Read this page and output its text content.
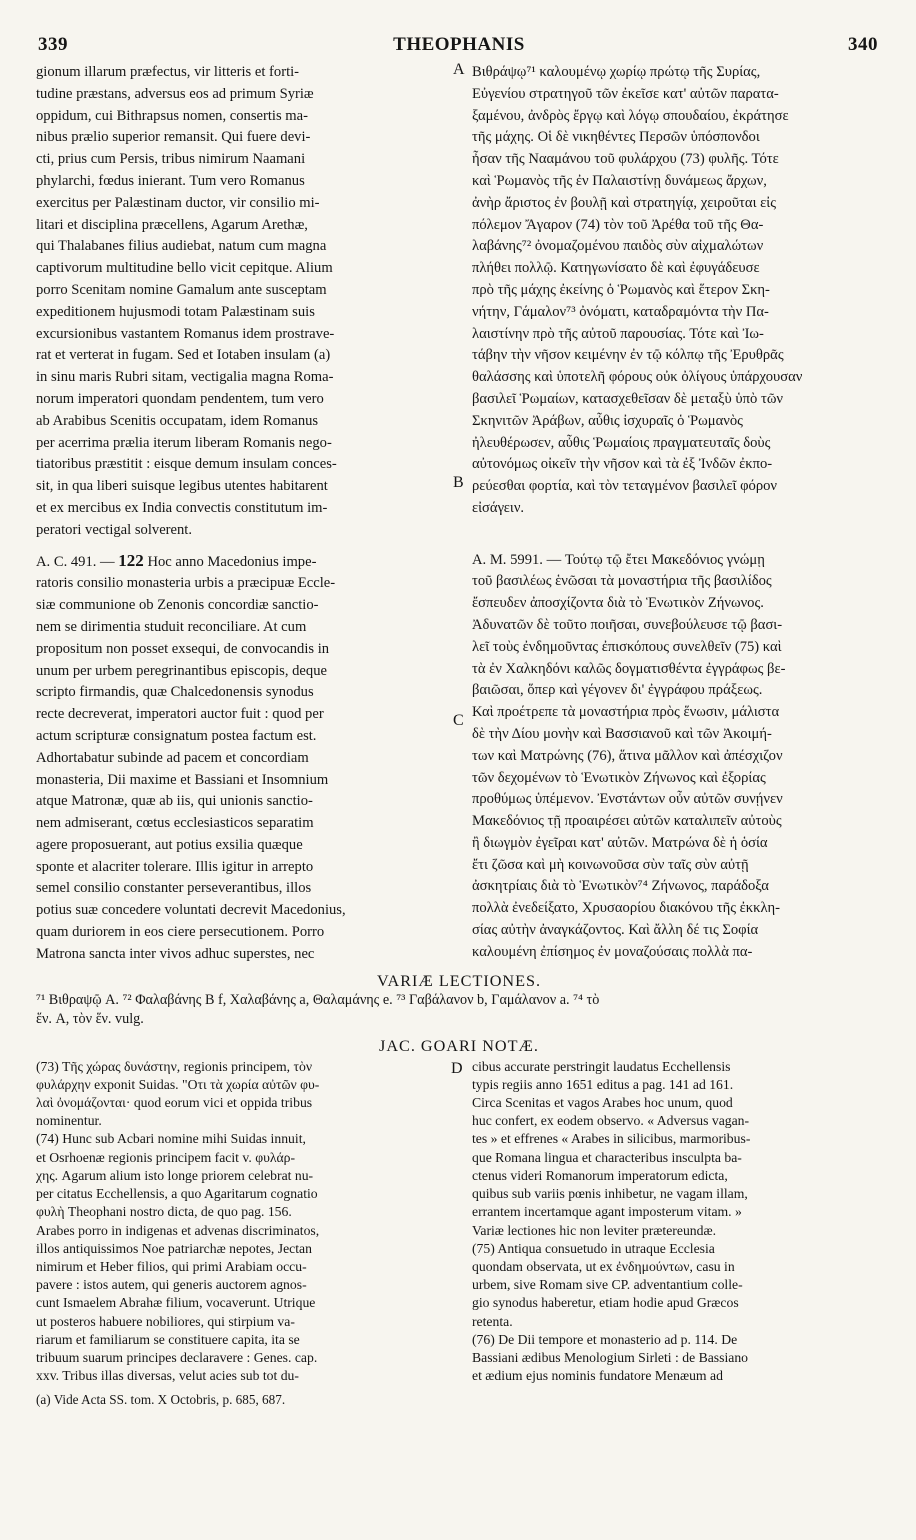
339	THEOPHANIS	340
gionum illarum præfectus, vir litteris et forti-
tudine præstans, adversus eos ad primum Syriæ
oppidum, cui Bithrapsus nomen, consertis ma-
nibus prælio superior remansit. Qui fuere devi-
cti, prius cum Persis, tribus nimirum Naamani
phylarchi, fœdus inierant. Tum vero Romanus
exercitus per Palæstinam ductor, vir consilio mi-
litari et disciplina præcellens, Agarum Arethæ,
qui Thalabanes filius audiebat, natum cum magna
captivorum multitudine bello vicit cepitque. Alium
porro Scenitam nomine Gamalum ante susceptam
expeditionem hujusmodi totam Palæstinam suis
excursionibus vastantem Romanus idem prostrave-
rat et verterat in fugam. Sed et Iotaben insulam (a)
in sinu maris Rubri sitam, vectigalia magna Roma-
norum imperatori quondam pendentem, tum vero
ab Arabibus Scenitis occupatam, idem Romanus
per acerrima prælia iterum liberam Romanis nego-
tiatoribus præstitit : eisque demum insulam conces-
sit, in qua liberi suisque legibus utentes habitarent
et ex mercibus ex India convectis constitutum im-
peratori vectigal solverent.
A
B
Βιθράψῳ⁷¹ καλουμένῳ χωρίῳ πρώτῳ τῆς Συρίας,
Εὐγενίου στρατηγοῦ τῶν ἐκεῖσε κατ' αὐτῶν παρατα-
ξαμένου, ἀνδρὸς ἔργῳ καὶ λόγῳ σπουδαίου, ἐκράτησε
τῆς μάχης. Οἱ δὲ νικηθέντες Περσῶν ὑπόσπονδοι
ἦσαν τῆς Νααμάνου τοῦ φυλάρχου (73) φυλῆς. Τότε
καὶ Ῥωμανὸς τῆς ἐν Παλαιστίνῃ δυνάμεως ἄρχων,
ἀνὴρ ἄριστος ἐν βουλῇ καὶ στρατηγίᾳ, χειροῦται εἰς
πόλεμον Ἄγαρον (74) τὸν τοῦ Ἀρέθα τοῦ τῆς Θα-
λαβάνης⁷² ὀνομαζομένου παιδὸς σὺν αἰχμαλώτων
πλήθει πολλῷ. Κατηγωνίσατο δὲ καὶ ἐφυγάδευσε
πρὸ τῆς μάχης ἐκείνης ὁ Ῥωμανὸς καὶ ἕτερον Σκη-
νήτην, Γάμαλον⁷³ ὀνόματι, καταδραμόντα τὴν Πα-
λαιστίνην πρὸ τῆς αὐτοῦ παρουσίας. Τότε καὶ Ἰω-
τάβην τὴν νῆσον κειμένην ἐν τῷ κόλπῳ τῆς Ἐρυθρᾶς
θαλάσσης καὶ ὑποτελῆ φόρους οὐκ ὀλίγους ὑπάρχουσαν
βασιλεῖ Ῥωμαίων, κατασχεθεῖσαν δὲ μεταξὺ ὑπὸ τῶν
Σκηνιτῶν Ἀράβων, αὖθις ἰσχυραῖς ὁ Ῥωμανὸς
ἠλευθέρωσεν, αὖθις Ῥωμαίοις πραγματευταῖς δοὺς
αὐτονόμως οἰκεῖν τὴν νῆσον καὶ τὰ ἐξ Ἰνδῶν ἐκπο-
ρεύεσθαι φορτία, καὶ τὸν τεταγμένον βασιλεῖ φόρον
εἰσάγειν.
A. C. 491. — 122 Hoc anno Macedonius impe-
ratoris consilio monasteria urbis a præcipuæ Eccle-
siæ communione ob Zenonis concordiæ sanctio-
nem se dirimentia studuit reconciliare. At cum
propositum non posset exsequi, de convocandis in
unum per urbem peregrinantibus episcopis, deque
scripto firmandis, quæ Chalcedonensis synodus
recte decreverat, imperatori auctor fuit : quod per
actum scripturæ consignatum postea factum est.
Adhortabatur subinde ad pacem et concordiam
monasteria, Dii maxime et Bassiani et Insomnium
atque Matronæ, quæ ab iis, qui unionis sanctio-
nem admiserant, cœtus ecclesiasticos separatim
agere proposuerant, aut potius exsilia quæque
sponte et alacriter tolerare. Illis igitur in arrepto
semel consilio constanter perseverantibus, illos
potius suæ concedere voluntati decrevit Macedonius,
quam duriorem in eos ciere persecutionem. Porro
Matrona sancta inter vivos adhuc superstes, nec
C
A. M. 5991. — Τούτῳ τῷ ἔτει Μακεδόνιος γνώμῃ
τοῦ βασιλέως ἑνῶσαι τὰ μοναστήρια τῆς βασιλίδος
ἔσπευδεν ἀποσχίζοντα διὰ τὸ Ἑνωτικὸν Ζήνωνος.
Ἀδυνατῶν δὲ τοῦτο ποιῆσαι, συνεβούλευσε τῷ βασι-
λεῖ τοὺς ἐνδημοῦντας ἐπισκόπους συνελθεῖν (75) καὶ
τὰ ἐν Χαλκηδόνι καλῶς δογματισθέντα ἐγγράφως βε-
βαιῶσαι, ὅπερ καὶ γέγονεν δι' ἐγγράφου πράξεως.
Καὶ προέτρεπε τὰ μοναστήρια πρὸς ἕνωσιν, μάλιστα
δὲ τὴν Δίου μονὴν καὶ Βασσιανοῦ καὶ τῶν Ἀκοιμή-
των καὶ Ματρώνης (76), ἅτινα μᾶλλον καὶ ἀπέσχιζον
τῶν δεχομένων τὸ Ἑνωτικὸν Ζήνωνος καὶ ἐξορίας
προθύμως ὑπέμενον. Ἐνστάντων οὖν αὐτῶν συνῄνεν
Μακεδόνιος τῇ προαιρέσει αὐτῶν καταλιπεῖν αὐτοὺς
ἢ διωγμὸν ἐγεῖραι κατ' αὐτῶν. Ματρώνα δὲ ἡ ὁσία
ἔτι ζῶσα καὶ μὴ κοινωνοῦσα σὺν ταῖς σὺν αὐτῇ
ἀσκητρίαις διὰ τὸ Ἑνωτικὸν⁷⁴ Ζήνωνος, παράδοξα
πολλὰ ἐνεδείξατο, Χρυσαορίου διακόνου τῆς ἐκκλη-
σίας αὐτὴν ἀναγκάζοντος. Καὶ ἄλλη δέ τις Σοφία
καλουμένη ἐπίσημος ἐν μοναζούσαις πολλὰ πα-
VARIÆ LECTIONES.
⁷¹ Βιθραψῷ A. ⁷² Φαλαβάνης B f, Χαλαβάνης a, Θαλαμάνης e. ⁷³ Γαβάλανον b, Γαμάλανον a. ⁷⁴ τὸ
ἕν. A, τὸν ἕν. vulg.
JAC. GOARI NOTÆ.
(73) Τῆς χώρας δυνάστην, regionis principem, τὸν
φυλάρχην exponit Suidas. "Οτι τὰ χωρία αὐτῶν φυ-
λαὶ ὀνομάζονται· quod eorum vici et oppida tribus
nominentur.
(74) Hunc sub Acbari nomine mihi Suidas innuit,
et Osrhoenæ regionis principem facit v. φυλάρ-
χης. Agarum alium isto longe priorem celebrat nu-
per citatus Ecchellensis, a quo Agaritarum cognatio
φυλὴ Theophani nostro dicta, de quo pag. 156.
Arabes porro in indigenas et advenas discriminatos,
illos antiquissimos Noe patriarchæ nepotes, Jectan
nimirum et Heber filios, qui primi Arabiam occu-
pavere : istos autem, qui generis auctorem agnos-
cunt Ismaelem Abrahæ filium, vocaverunt. Utrique
ut posteros habuere nobiliores, qui stirpium va-
riarum et familiarum se constituere capita, ita se
tribuum suarum principes declaravere : Genes. cap.
xxv. Tribus illas diversas, velut acies sub tot du-
D cibus accurate perstringit laudatus Ecchellensis
typis regiis anno 1651 editus a pag. 141 ad 161.
Circa Scenitas et vagos Arabes hoc unum, quod
huc confert, ex eodem observo. « Adversus vagan-
tes » et effrenes « Arabes in silicibus, marmoribus-
que Romana lingua et characteribus insculpta ba-
ctenus videri Romanorum imperatorum edicta,
quibus sub variis pœnis inhibetur, ne vagam illam,
errantem incertamque agant imposterum vitam. »
Variæ lectiones hic non leviter prætereundæ.
(75) Antiqua consuetudo in utraque Ecclesia
quondam observata, ut ex ἐνδημούντων, casu in
urbem, sive Romam sive CP. adventantium colle-
gio synodus haberetur, etiam hodie apud Græcos
retenta.
(76) De Dii tempore et monasterio ad p. 114. De
Bassiani ædibus Menologium Sirleti : de Bassiano
et ædium ejus nominis fundatore Menæum ad
(a) Vide Acta SS. tom. X Octobris, p. 685, 687.
